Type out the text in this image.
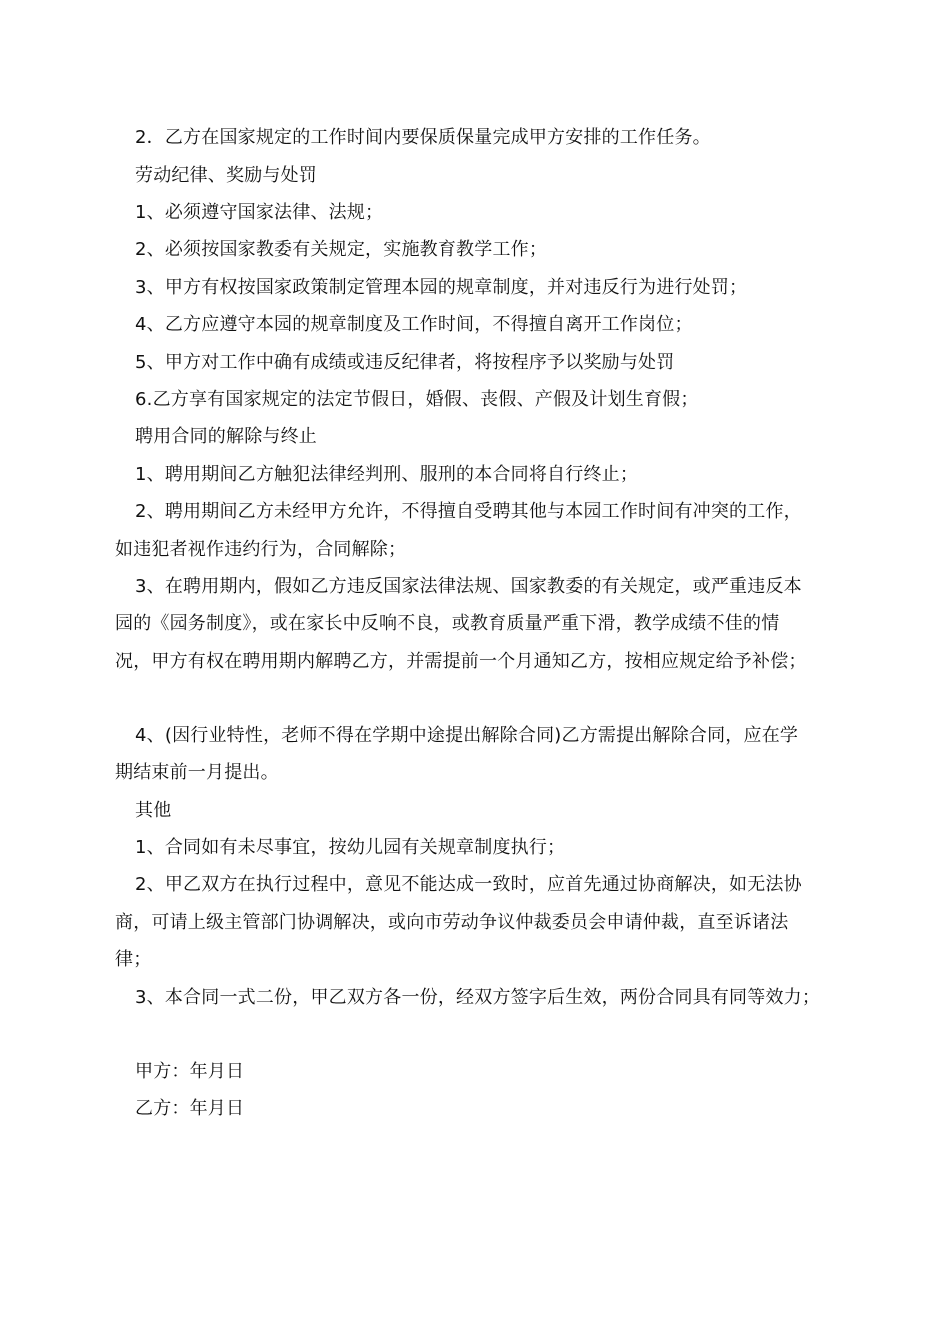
2．乙方在国家规定的工作时间内要保质保量完成甲方安排的工作任务。
劳动纪律、奖励与处罚
1、必须遵守国家法律、法规；
2、必须按国家教委有关规定，实施教育教学工作；
3、甲方有权按国家政策制定管理本园的规章制度，并对违反行为进行处罚；
4、乙方应遵守本园的规章制度及工作时间，不得擅自离开工作岗位；
5、甲方对工作中确有成绩或违反纪律者，将按程序予以奖励与处罚
6.乙方享有国家规定的法定节假日，婚假、丧假、产假及计划生育假；
聘用合同的解除与终止
1、聘用期间乙方触犯法律经判刑、服刑的本合同将自行终止；
2、聘用期间乙方未经甲方允许，不得擅自受聘其他与本园工作时间有冲突的工作，
如违犯者视作违约行为，合同解除；
3、在聘用期内，假如乙方违反国家法律法规、国家教委的有关规定，或严重违反本
园的《园务制度》，或在家长中反响不良，或教育质量严重下滑，教学成绩不佳的情
况，甲方有权在聘用期内解聘乙方，并需提前一个月通知乙方，按相应规定给予补偿；
4、(因行业特性，老师不得在学期中途提出解除合同)乙方需提出解除合同，应在学
期结束前一月提出。
其他
1、合同如有未尽事宜，按幼儿园有关规章制度执行；
2、甲乙双方在执行过程中，意见不能达成一致时，应首先通过协商解决，如无法协
商，可请上级主管部门协调解决，或向市劳动争议仲裁委员会申请仲裁，直至诉诸法
律；
3、本合同一式二份，甲乙双方各一份，经双方签字后生效，两份合同具有同等效力；
甲方：年月日
乙方：年月日
